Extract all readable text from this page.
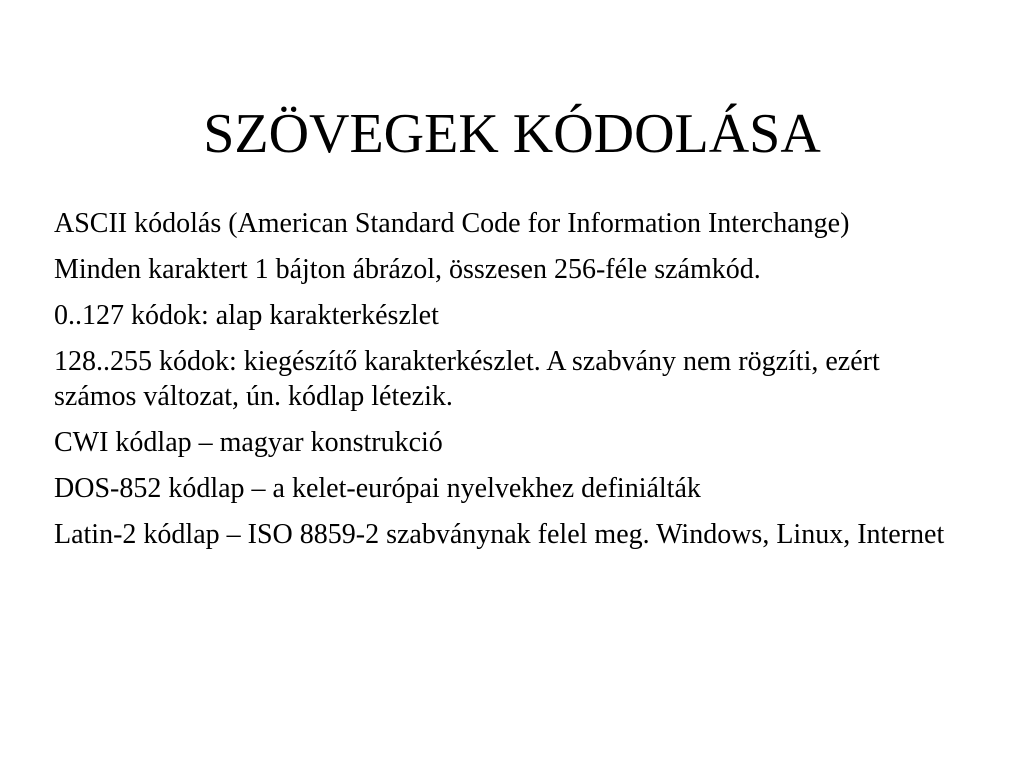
SZÖVEGEK KÓDOLÁSA
ASCII kódolás (American Standard Code for Information Interchange)
Minden karaktert 1 bájton ábrázol, összesen 256-féle számkód.
0..127 kódok: alap karakterkészlet
128..255 kódok: kiegészítő karakterkészlet. A szabvány nem rögzíti, ezért számos változat, ún. kódlap létezik.
CWI kódlap – magyar konstrukció
DOS-852 kódlap – a kelet-európai nyelvekhez definiálták
Latin-2 kódlap – ISO 8859-2 szabványnak felel meg. Windows, Linux, Internet
